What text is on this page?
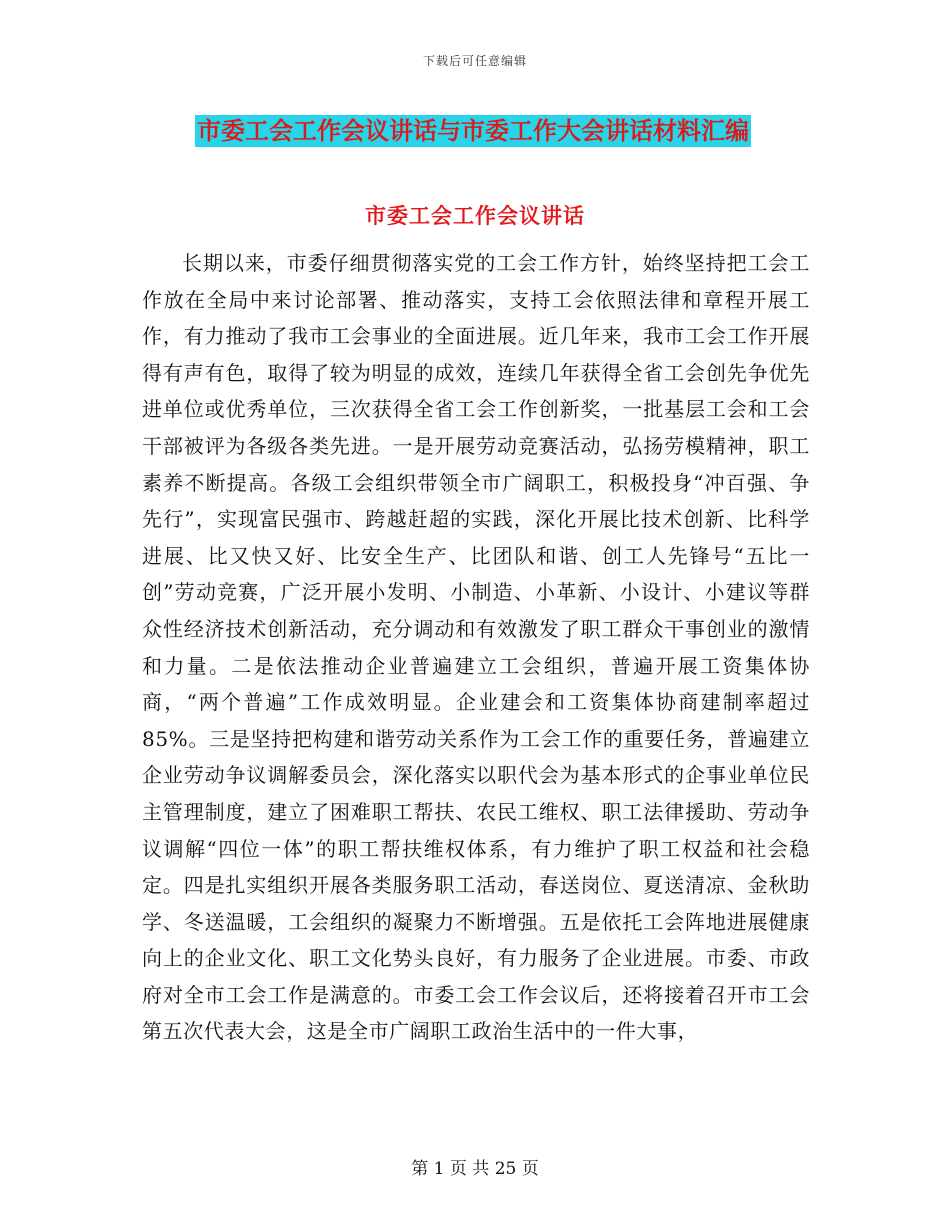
下载后可任意编辑
市委工会工作会议讲话与市委工作大会讲话材料汇编
市委工会工作会议讲话

长期以来，市委仔细贯彻落实党的工会工作方针，始终坚持把工会工作放在全局中来讨论部署、推动落实，支持工会依照法律和章程开展工作，有力推动了我市工会事业的全面进展。近几年来，我市工会工作开展得有声有色，取得了较为明显的成效，连续几年获得全省工会创先争优先进单位或优秀单位，三次获得全省工会工作创新奖，一批基层工会和工会干部被评为各级各类先进。一是开展劳动竞赛活动，弘扬劳模精神，职工素养不断提高。各级工会组织带领全市广阔职工，积极投身“冲百强、争先行”，实现富民强市、跨越赶超的实践，深化开展比技术创新、比科学进展、比又快又好、比安全生产、比团队和谐、创工人先锋号“五比一创”劳动竞赛，广泛开展小发明、小制造、小革新、小设计、小建议等群众性经济技术创新活动，充分调动和有效激发了职工群众干事创业的激情和力量。二是依法推动企业普遍建立工会组织，普遍开展工资集体协商，“两个普遍”工作成效明显。企业建会和工资集体协商建制率超过85%。三是坚持把构建和谐劳动关系作为工会工作的重要任务，普遍建立企业劳动争议调解委员会，深化落实以职代会为基本形式的企事业单位民主管理制度，建立了困难职工帮扶、农民工维权、职工法律援助、劳动争议调解“四位一体”的职工帮扶维权体系，有力维护了职工权益和社会稳定。四是扎实组织开展各类服务职工活动，春送岗位、夏送清凉、金秋助学、冬送温暖，工会组织的凝聚力不断增强。五是依托工会阵地进展健康向上的企业文化、职工文化势头良好，有力服务了企业进展。市委、市政府对全市工会工作是满意的。市委工会工作会议后，还将接着召开市工会第五次代表大会，这是全市广阔职工政治生活中的一件大事，

第 1 页 共 25 页
